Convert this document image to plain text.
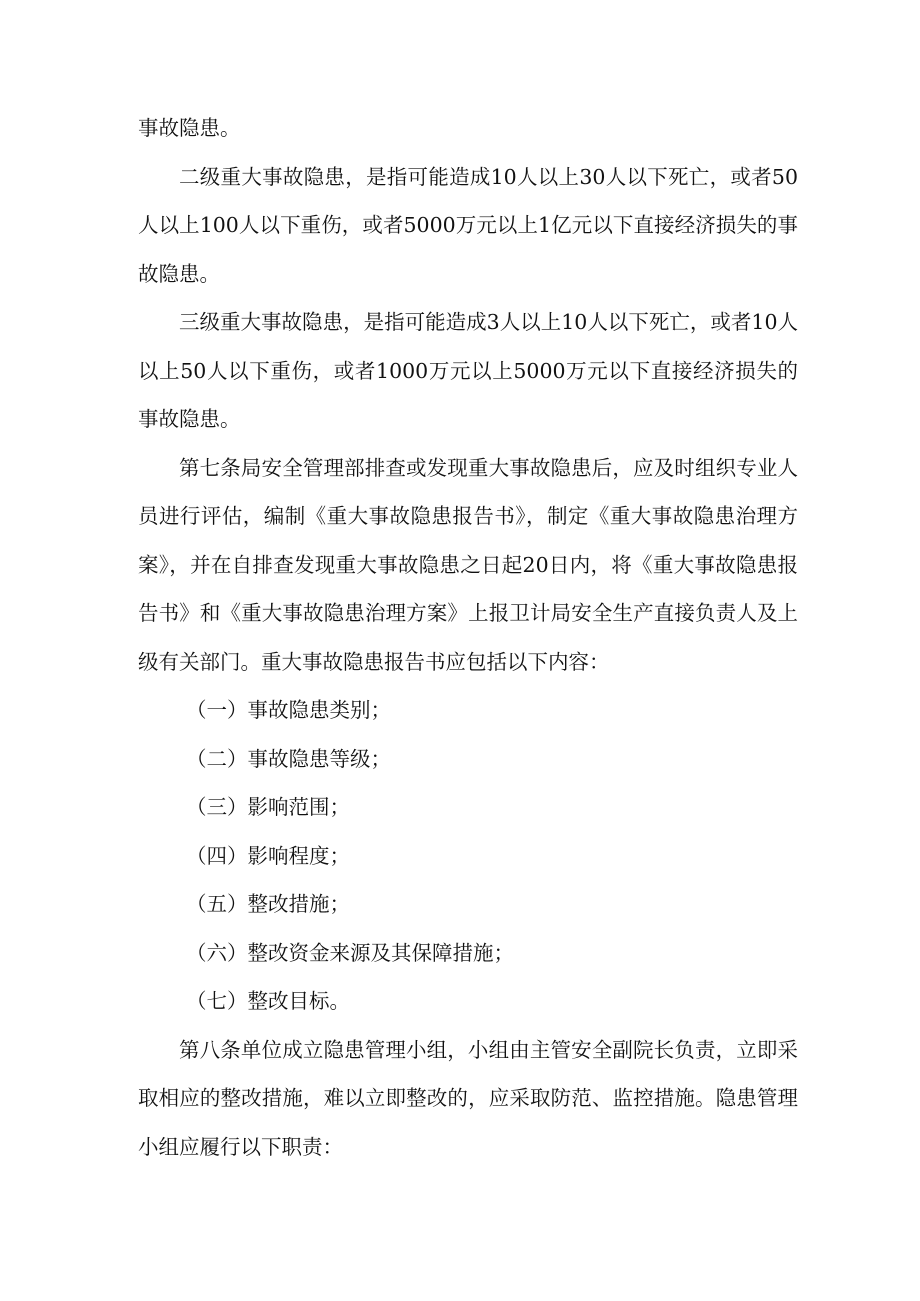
事故隐患。

二级重大事故隐患，是指可能造成10人以上30人以下死亡，或者50人以上100人以下重伤，或者5000万元以上1亿元以下直接经济损失的事故隐患。

三级重大事故隐患，是指可能造成3人以上10人以下死亡，或者10人以上50人以下重伤，或者1000万元以上5000万元以下直接经济损失的事故隐患。

第七条局安全管理部排查或发现重大事故隐患后，应及时组织专业人员进行评估，编制《重大事故隐患报告书》，制定《重大事故隐患治理方案》，并在自排查发现重大事故隐患之日起20日内，将《重大事故隐患报告书》和《重大事故隐患治理方案》上报卫计局安全生产直接负责人及上级有关部门。重大事故隐患报告书应包括以下内容：

（一）事故隐患类别；

（二）事故隐患等级；

（三）影响范围；

（四）影响程度；

（五）整改措施；

（六）整改资金来源及其保障措施；

（七）整改目标。

第八条单位成立隐患管理小组，小组由主管安全副院长负责，立即采取相应的整改措施，难以立即整改的，应采取防范、监控措施。隐患管理小组应履行以下职责：
